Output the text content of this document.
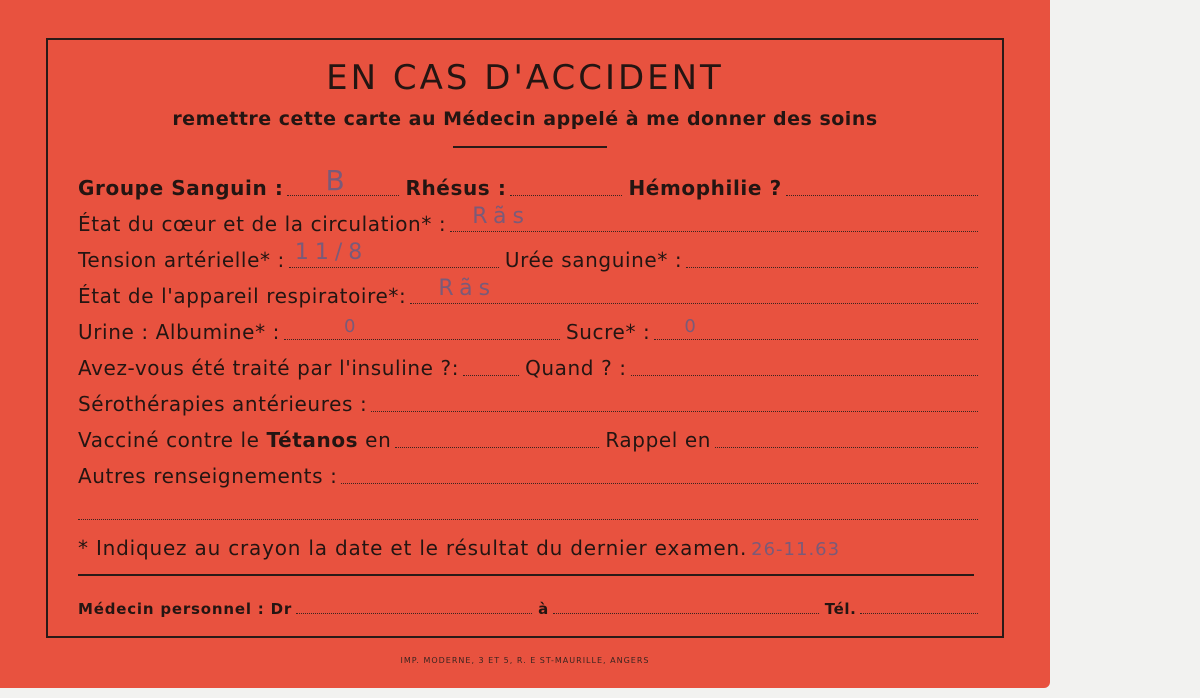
EN CAS D'ACCIDENT
remettre cette carte au Médecin appelé à me donner des soins
Groupe Sanguin : B	Rhésus :	Hémophilie ?
État du cœur et de la circulation* : Rãs
Tension artérielle* : 11/8	Urée sanguine* :
État de l'appareil respiratoire*: Rãs
Urine : Albumine* :	0	Sucre* : 0
Avez-vous été traité par l'insuline ?:	Quand ? :
Sérothérapies antérieures :
Vacciné contre le Tétanos en	Rappel en
Autres renseignements :
* Indiquez au crayon la date et le résultat du dernier examen. 26-11.63
Médecin personnel : Dr	à	Tél.
IMP. MODERNE, 3 ET 5, R. E ST-MAURILLE, ANGERS
